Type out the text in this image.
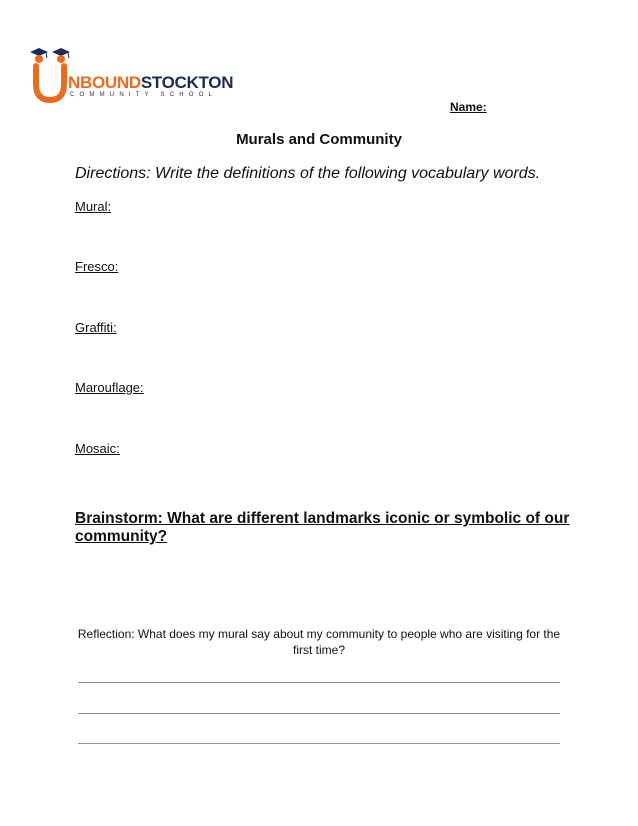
NBOUNDSTOCKTON
COMMUNITY SCHOOL
Name:
Murals and Community
Directions: Write the definitions of the following vocabulary words.
Mural:
Fresco:
Graffiti:
Marouflage:
Mosaic:
Brainstorm: What are different landmarks iconic or symbolic of our community?
Reflection: What does my mural say about my community to people who are visiting for the first time?
